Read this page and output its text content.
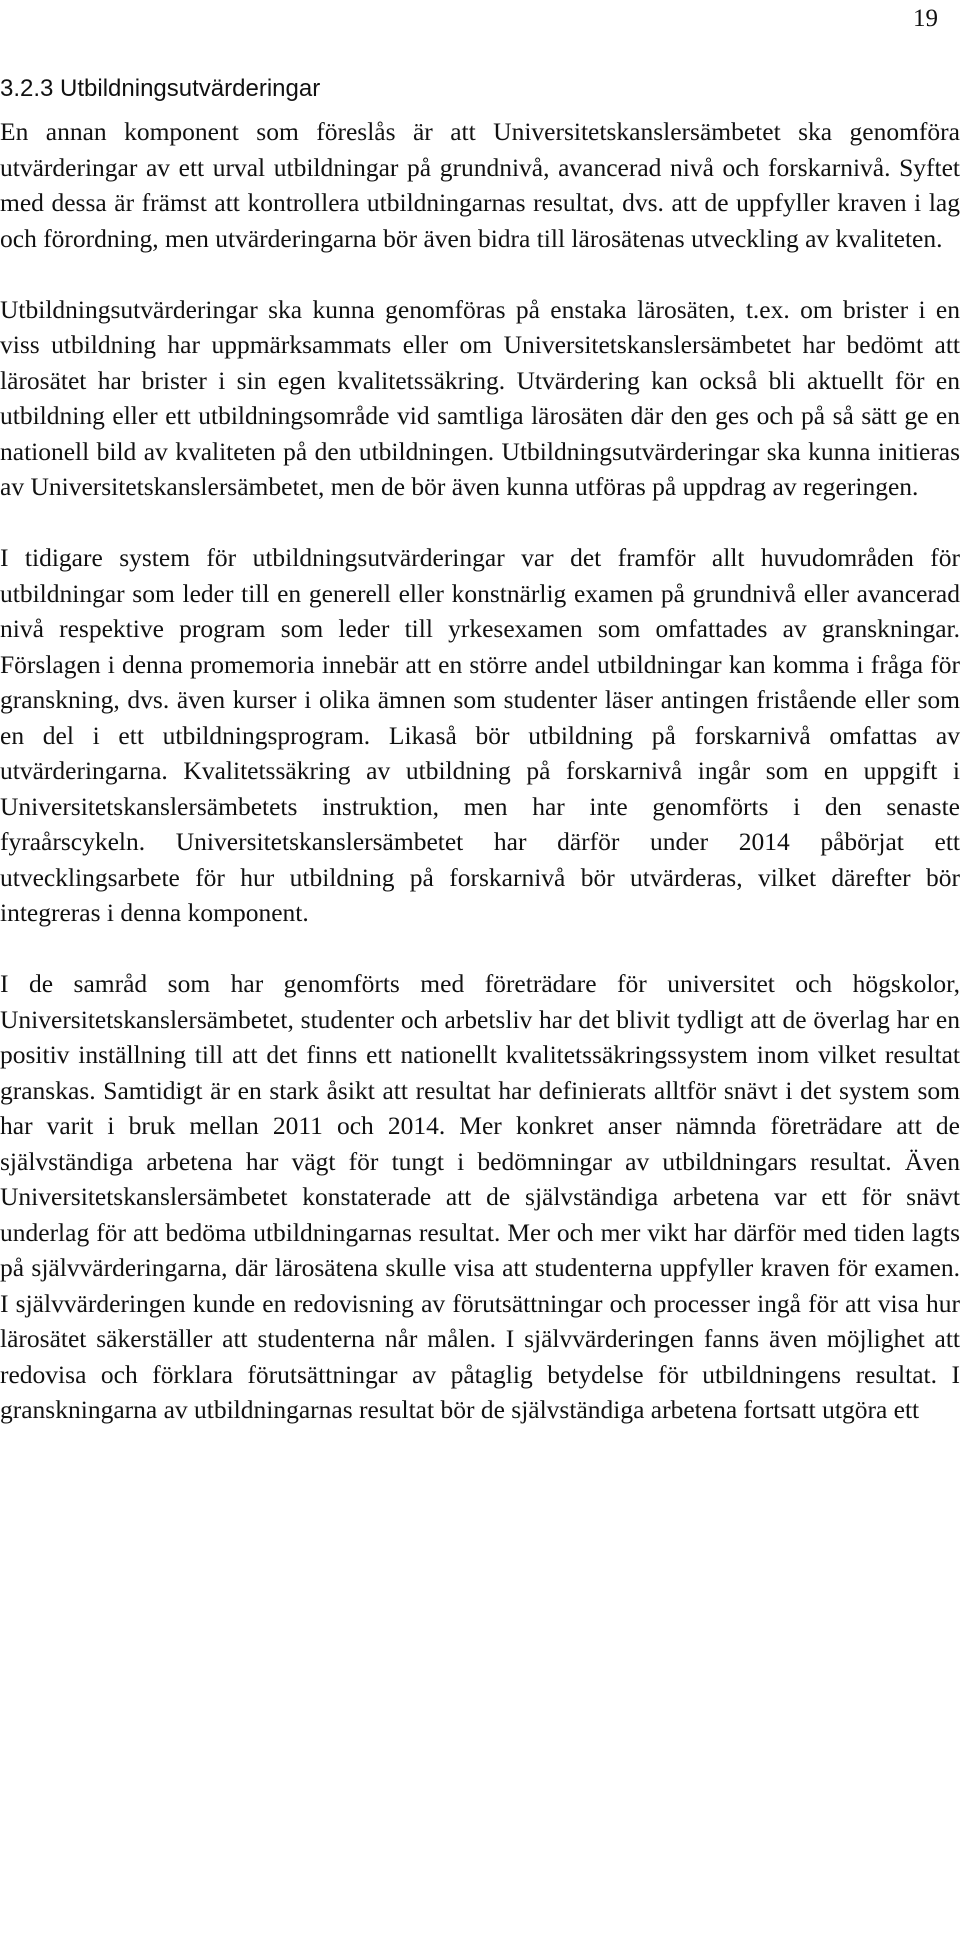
19
3.2.3 Utbildningsutvärderingar

En annan komponent som föreslås är att Universitetskanslersämbetet ska genomföra utvärderingar av ett urval utbildningar på grundnivå, avancerad nivå och forskarnivå. Syftet med dessa är främst att kontrollera utbildningarnas resultat, dvs. att de uppfyller kraven i lag och förordning, men utvärderingarna bör även bidra till lärosätenas utveckling av kvaliteten.

Utbildningsutvärderingar ska kunna genomföras på enstaka lärosäten, t.ex. om brister i en viss utbildning har uppmärksammats eller om Universitetskanslersämbetet har bedömt att lärosätet har brister i sin egen kvalitetssäkring. Utvärdering kan också bli aktuellt för en utbildning eller ett utbildningsområde vid samtliga lärosäten där den ges och på så sätt ge en nationell bild av kvaliteten på den utbildningen. Utbildningsutvärderingar ska kunna initieras av Universitetskanslersämbetet, men de bör även kunna utföras på uppdrag av regeringen.

I tidigare system för utbildningsutvärderingar var det framför allt huvudområden för utbildningar som leder till en generell eller konstnärlig examen på grundnivå eller avancerad nivå respektive program som leder till yrkesexamen som omfattades av granskningar. Förslagen i denna promemoria innebär att en större andel utbildningar kan komma i fråga för granskning, dvs. även kurser i olika ämnen som studenter läser antingen fristående eller som en del i ett utbildningsprogram. Likaså bör utbildning på forskarnivå omfattas av utvärderingarna. Kvalitetssäkring av utbildning på forskarnivå ingår som en uppgift i Universitetskanslersämbetets instruktion, men har inte genomförts i den senaste fyraårscykeln. Universitetskanslersämbetet har därför under 2014 påbörjat ett utvecklingsarbete för hur utbildning på forskarnivå bör utvärderas, vilket därefter bör integreras i denna komponent.

I de samråd som har genomförts med företrädare för universitet och högskolor, Universitetskanslersämbetet, studenter och arbetsliv har det blivit tydligt att de överlag har en positiv inställning till att det finns ett nationellt kvalitetssäkringssystem inom vilket resultat granskas. Samtidigt är en stark åsikt att resultat har definierats alltför snävt i det system som har varit i bruk mellan 2011 och 2014. Mer konkret anser nämnda företrädare att de självständiga arbetena har vägt för tungt i bedömningar av utbildningars resultat. Även Universitetskanslersämbetet konstaterade att de självständiga arbetena var ett för snävt underlag för att bedöma utbildningarnas resultat. Mer och mer vikt har därför med tiden lagts på självvärderingarna, där lärosätena skulle visa att studenterna uppfyller kraven för examen. I självvärderingen kunde en redovisning av förutsättningar och processer ingå för att visa hur lärosätet säkerställer att studenterna når målen. I självvärderingen fanns även möjlighet att redovisa och förklara förutsättningar av påtaglig betydelse för utbildningens resultat. I granskningarna av utbildningarnas resultat bör de självständiga arbetena fortsatt utgöra ett
